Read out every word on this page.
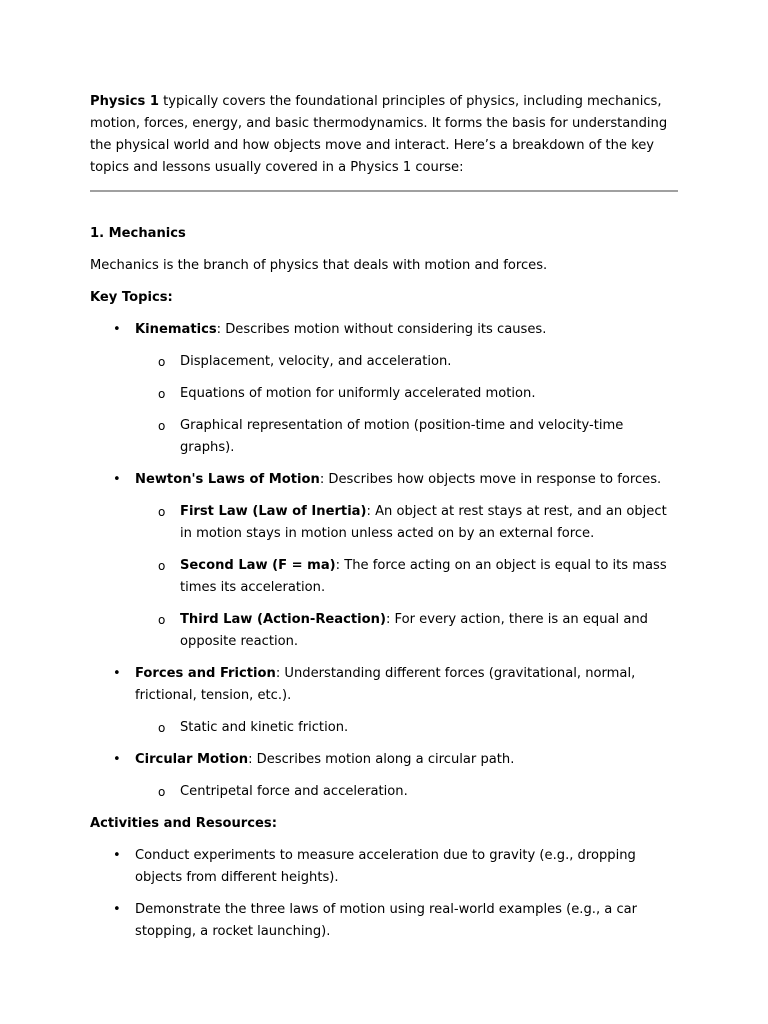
Physics 1 typically covers the foundational principles of physics, including mechanics, motion, forces, energy, and basic thermodynamics. It forms the basis for understanding the physical world and how objects move and interact. Here’s a breakdown of the key topics and lessons usually covered in a Physics 1 course:

1. Mechanics

Mechanics is the branch of physics that deals with motion and forces.

Key Topics:

• Kinematics: Describes motion without considering its causes.
o Displacement, velocity, and acceleration.
o Equations of motion for uniformly accelerated motion.
o Graphical representation of motion (position-time and velocity-time graphs).
• Newton's Laws of Motion: Describes how objects move in response to forces.
o First Law (Law of Inertia): An object at rest stays at rest, and an object in motion stays in motion unless acted on by an external force.
o Second Law (F = ma): The force acting on an object is equal to its mass times its acceleration.
o Third Law (Action-Reaction): For every action, there is an equal and opposite reaction.
• Forces and Friction: Understanding different forces (gravitational, normal, frictional, tension, etc.).
o Static and kinetic friction.
• Circular Motion: Describes motion along a circular path.
o Centripetal force and acceleration.

Activities and Resources:

• Conduct experiments to measure acceleration due to gravity (e.g., dropping objects from different heights).
• Demonstrate the three laws of motion using real-world examples (e.g., a car stopping, a rocket launching).
